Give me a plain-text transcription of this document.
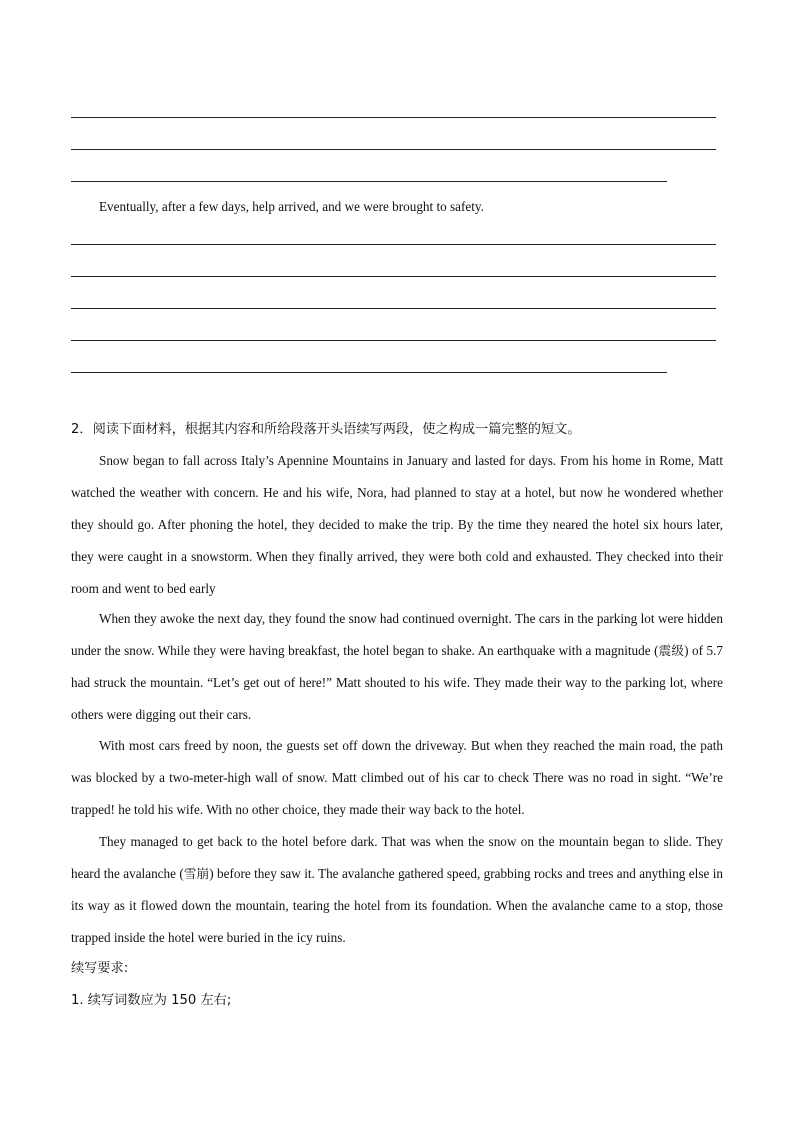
Eventually, after a few days, help arrived, and we were brought to safety.

2．阅读下面材料，根据其内容和所给段落开头语续写两段，使之构成一篇完整的短文。

Snow began to fall across Italy’s Apennine Mountains in January and lasted for days. From his home in Rome, Matt watched the weather with concern. He and his wife, Nora, had planned to stay at a hotel, but now he wondered whether they should go. After phoning the hotel, they decided to make the trip. By the time they neared the hotel six hours later, they were caught in a snowstorm. When they finally arrived, they were both cold and exhausted. They checked into their room and went to bed early

When they awoke the next day, they found the snow had continued overnight. The cars in the parking lot were hidden under the snow. While they were having breakfast, the hotel began to shake. An earthquake with a magnitude (震级) of 5.7 had struck the mountain. “Let’s get out of here!” Matt shouted to his wife. They made their way to the parking lot, where others were digging out their cars.

With most cars freed by noon, the guests set off down the driveway. But when they reached the main road, the path was blocked by a two-meter-high wall of snow. Matt climbed out of his car to check There was no road in sight. “We’re trapped! he told his wife. With no other choice, they made their way back to the hotel.

They managed to get back to the hotel before dark. That was when the snow on the mountain began to slide. They heard the avalanche (雪崩) before they saw it. The avalanche gathered speed, grabbing rocks and trees and anything else in its way as it flowed down the mountain, tearing the hotel from its foundation. When the avalanche came to a stop, those trapped inside the hotel were buried in the icy ruins.

续写要求:

1. 续写词数应为 150 左右;
